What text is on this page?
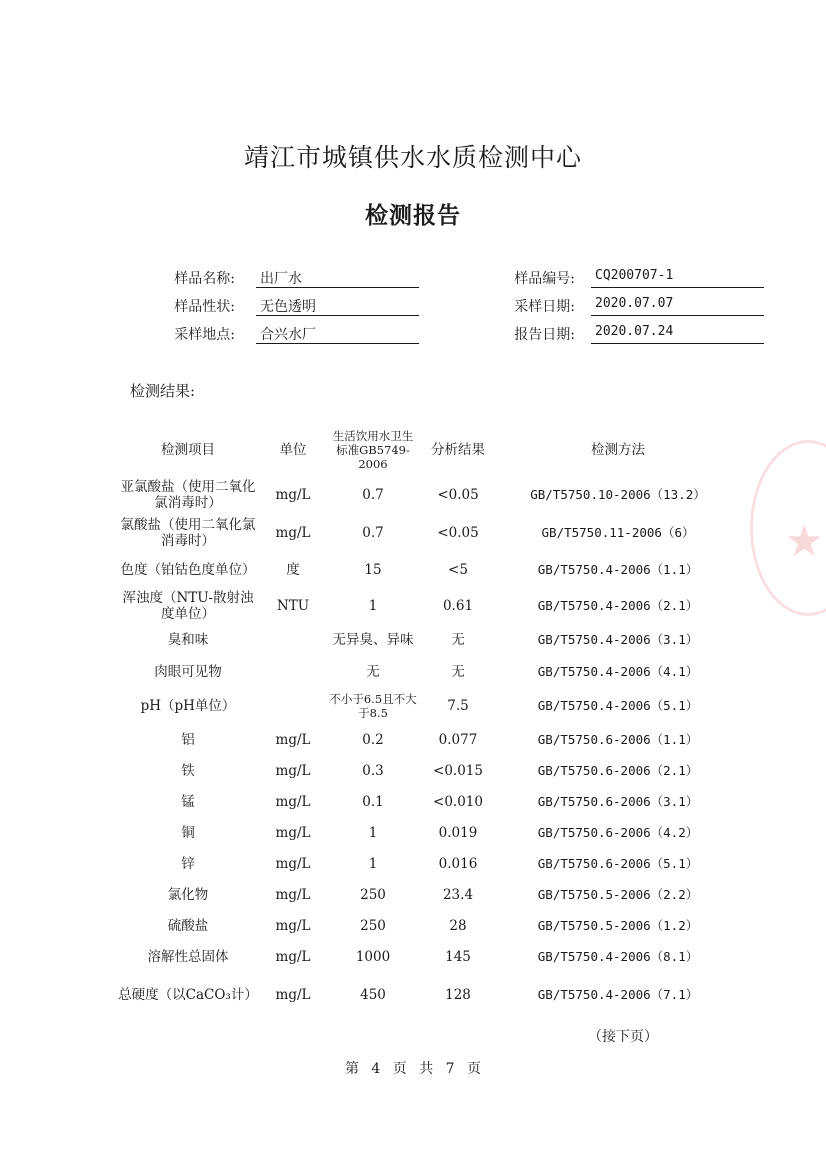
★
靖江市城镇供水水质检测中心
检测报告
样品名称: 出厂水	样品编号:	CQ200707-1
样品性状: 无色透明	采样日期:	2020.07.07
采样地点: 合兴水厂	报告日期:	2020.07.24
检测结果:
检测项目	单位	生活饮用水卫生标准GB5749-2006	分析结果	检测方法
亚氯酸盐（使用二氧化氯消毒时）	mg/L	0.7	<0.05	GB/T5750.10-2006（13.2）
氯酸盐（使用二氧化氯消毒时）	mg/L	0.7	<0.05	GB/T5750.11-2006（6）
色度（铂钴色度单位）	度	15	<5	GB/T5750.4-2006（1.1）
浑浊度（NTU-散射浊度单位）	NTU	1	0.61	GB/T5750.4-2006（2.1）
臭和味		无异臭、异味	无	GB/T5750.4-2006（3.1）
肉眼可见物		无	无	GB/T5750.4-2006（4.1）
pH（pH单位）		不小于6.5且不大于8.5	7.5	GB/T5750.4-2006（5.1）
铝	mg/L	0.2	0.077	GB/T5750.6-2006（1.1）
铁	mg/L	0.3	<0.015	GB/T5750.6-2006（2.1）
锰	mg/L	0.1	<0.010	GB/T5750.6-2006（3.1）
铜	mg/L	1	0.019	GB/T5750.6-2006（4.2）
锌	mg/L	1	0.016	GB/T5750.6-2006（5.1）
氯化物	mg/L	250	23.4	GB/T5750.5-2006（2.2）
硫酸盐	mg/L	250	28	GB/T5750.5-2006（1.2）
溶解性总固体	mg/L	1000	145	GB/T5750.4-2006（8.1）
总硬度（以CaCO₃计）	mg/L	450	128	GB/T5750.4-2006（7.1）
（接下页）
第 4 页 共 7 页
